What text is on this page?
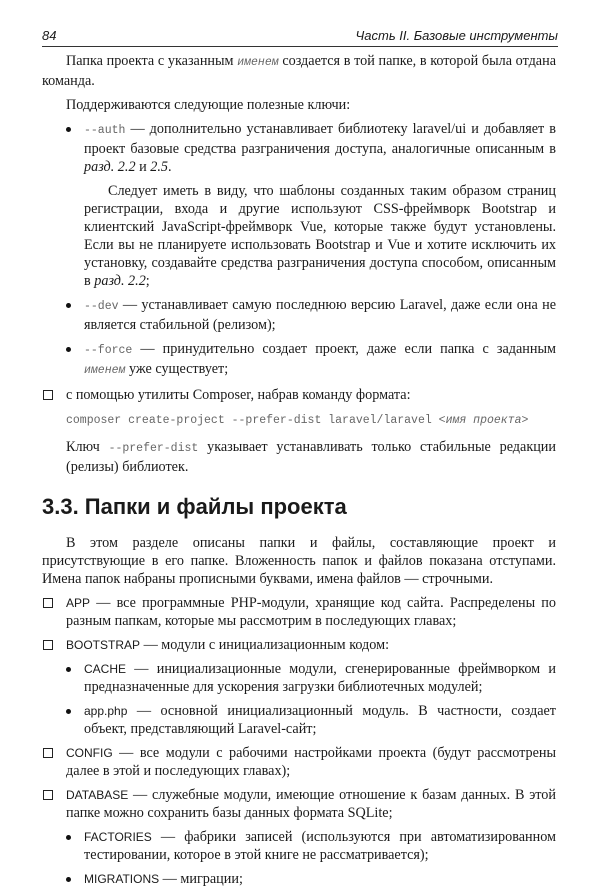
84	Часть II. Базовые инструменты

Папка проекта с указанным именем создается в той папке, в которой была отдана команда.

Поддерживаются следующие полезные ключи:

--auth — дополнительно устанавливает библиотеку laravel/ui и добавляет в проект базовые средства разграничения доступа, аналогичные описанным в разд. 2.2 и 2.5.

Следует иметь в виду, что шаблоны созданных таким образом страниц регистрации, входа и другие используют CSS-фреймворк Bootstrap и клиентский JavaScript-фреймворк Vue, которые также будут установлены. Если вы не планируете использовать Bootstrap и Vue и хотите исключить их установку, создавайте средства разграничения доступа способом, описанным в разд. 2.2;

--dev — устанавливает самую последнюю версию Laravel, даже если она не является стабильной (релизом);
--force — принудительно создает проект, даже если папка с заданным именем уже существует;
с помощью утилиты Composer, набрав команду формата:
composer create-project --prefer-dist laravel/laravel <имя проекта>

Ключ --prefer-dist указывает устанавливать только стабильные редакции (релизы) библиотек.

3.3. Папки и файлы проекта

В этом разделе описаны папки и файлы, составляющие проект и присутствующие в его папке. Вложенность папок и файлов показана отступами. Имена папок набраны прописными буквами, имена файлов — строчными.

APP — все программные PHP-модули, хранящие код сайта. Распределены по разным папкам, которые мы рассмотрим в последующих главах;
BOOTSTRAP — модули с инициализационным кодом:
CACHE — инициализационные модули, сгенерированные фреймворком и предназначенные для ускорения загрузки библиотечных модулей;
app.php — основной инициализационный модуль. В частности, создает объект, представляющий Laravel-сайт;
CONFIG — все модули с рабочими настройками проекта (будут рассмотрены далее в этой и последующих главах);
DATABASE — служебные модули, имеющие отношение к базам данных. В этой папке можно сохранить базы данных формата SQLite;
FACTORIES — фабрики записей (используются при автоматизированном тестировании, которое в этой книге не рассматривается);
MIGRATIONS — миграции;
